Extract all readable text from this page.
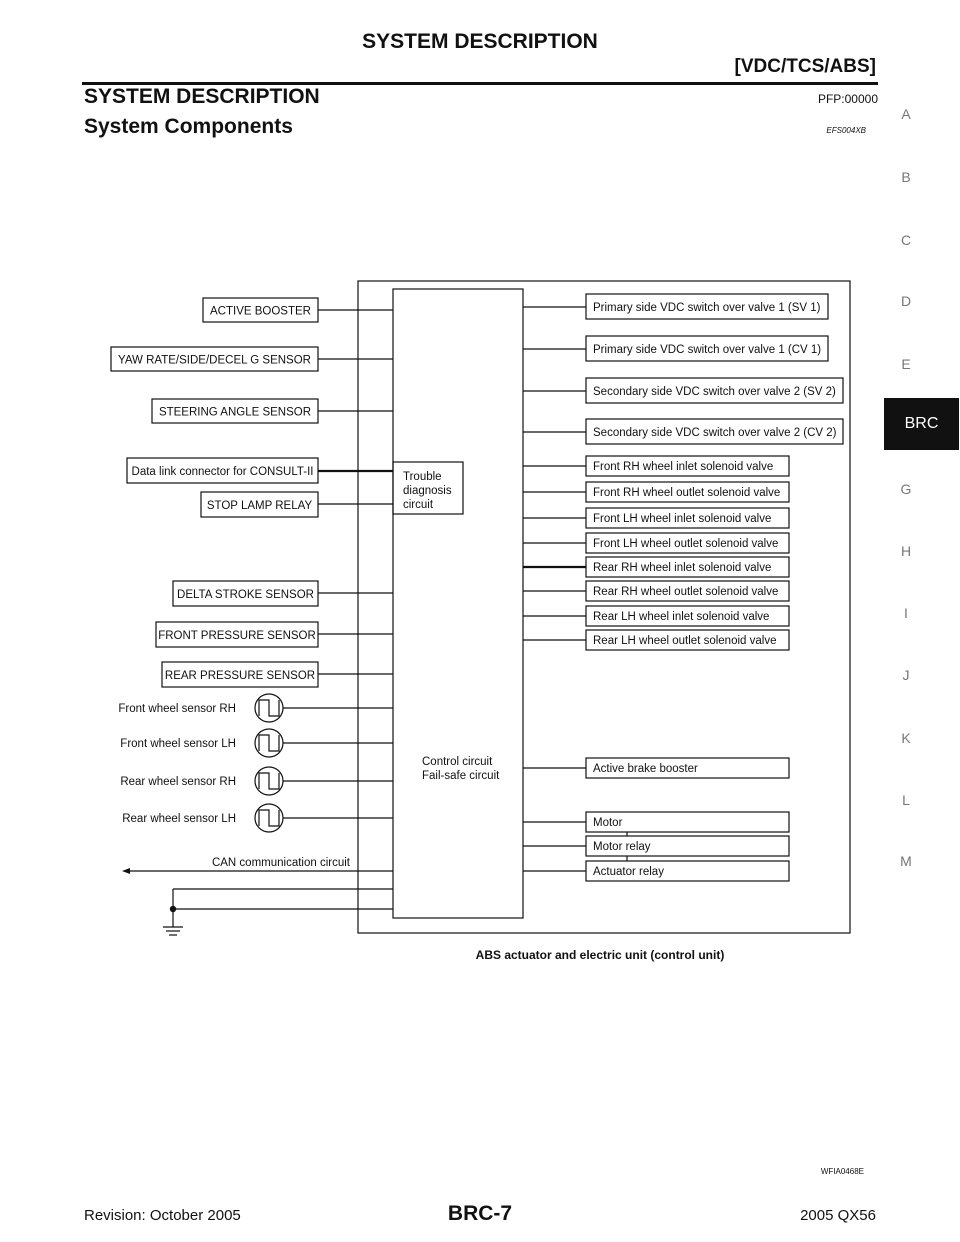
SYSTEM DESCRIPTION
[VDC/TCS/ABS]
SYSTEM DESCRIPTION	PFP:00000
System Components	EFS004XB
A
B
C
D
E
BRC
G
H
I
J
K
L
M
ACTIVE BOOSTER
YAW RATE/SIDE/DECEL G SENSOR
STEERING ANGLE SENSOR
Data link connector for CONSULT-II
STOP LAMP RELAY
DELTA STROKE SENSOR
FRONT PRESSURE SENSOR
REAR PRESSURE SENSOR
Front wheel sensor RH
Front wheel sensor LH
Rear wheel sensor RH
Rear wheel sensor LH
CAN communication circuit
Trouble
diagnosis
circuit
Control circuit
Fail-safe circuit
Primary side VDC switch over valve 1 (SV 1)
Primary side VDC switch over valve 1 (CV 1)
Secondary side VDC switch over valve 2 (SV 2)
Secondary side VDC switch over valve 2 (CV 2)
Front RH wheel inlet solenoid valve
Front RH wheel outlet solenoid valve
Front LH wheel inlet solenoid valve
Front LH wheel outlet solenoid valve
Rear RH wheel inlet solenoid valve
Rear RH wheel outlet solenoid valve
Rear LH wheel inlet solenoid valve
Rear LH wheel outlet solenoid valve
Active brake booster
Motor
Motor relay
Actuator relay
ABS actuator and electric unit (control unit)
WFIA0468E
Revision: October 2005	BRC-7	2005 QX56
